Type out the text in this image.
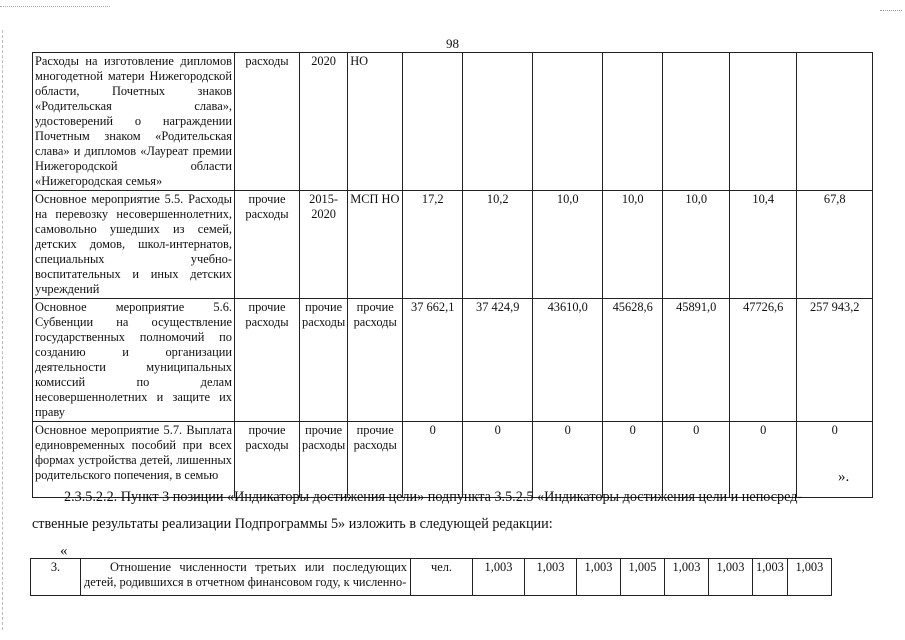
98
Расходы на изготовление дипломов многодетной матери Нижегородской области, Почетных знаков «Родительская слава», удостоверений о награждении Почетным знаком «Родительская слава» и дипломов «Лауреат премии Нижегородской области «Нижегородская семья»	расходы	2020	НО							
Основное мероприятие 5.5. Расходы на перевозку несовершеннолетних, самовольно ушедших из семей, детских домов, школ-интернатов, специальных учебно-воспитательных и иных детских учреждений	прочие расходы	2015-2020	МСП НО	17,2	10,2	10,0	10,0	10,0	10,4	67,8
Основное мероприятие 5.6. Субвенции на осуществление государственных полномочий по созданию и организации деятельности муниципальных комиссий по делам несовершеннолетних и защите их праву	прочие расходы	прочие расходы	прочие расходы	37 662,1	37 424,9	43610,0	45628,6	45891,0	47726,6	257 943,2
Основное мероприятие 5.7. Выплата единовременных пособий при всех формах устройства детей, лишенных родительского попечения, в семью	прочие расходы	прочие расходы	прочие расходы	0	0	0	0	0	0	0
».
2.3.5.2.2. Пункт 3 позиции «Индикаторы достижения цели» подпункта 3.5.2.5 «Индикаторы достижения цели и непосред-
ственные результаты реализации Подпрограммы 5» изложить в следующей редакции:
«
3.	Отношение численности третьих или последующих детей, родившихся в отчетном финансовом году, к численно-	чел.	1,003	1,003	1,003	1,005	1,003	1,003	1,003	1,003
